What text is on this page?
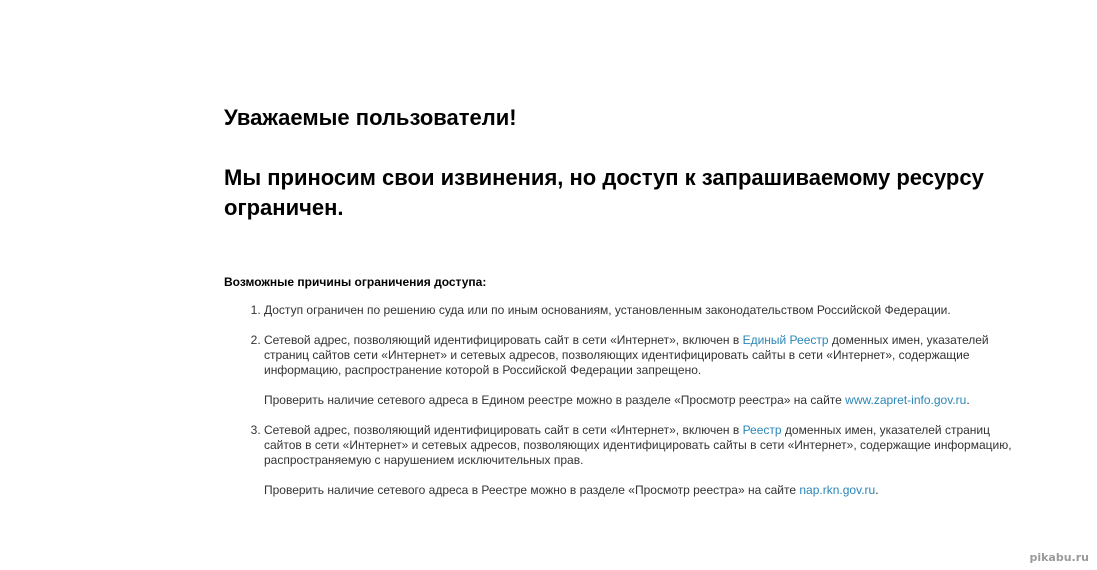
Уважаемые пользователи!
Мы приносим свои извинения, но доступ к запрашиваемому ресурсу ограничен.
Возможные причины ограничения доступа:

1. Доступ ограничен по решению суда или по иным основаниям, установленным законодательством Российской Федерации.

2. Сетевой адрес, позволяющий идентифицировать сайт в сети «Интернет», включен в Единый Реестр доменных имен, указателей страниц сайтов сети «Интернет» и сетевых адресов, позволяющих идентифицировать сайты в сети «Интернет», содержащие информацию, распространение которой в Российской Федерации запрещено.

Проверить наличие сетевого адреса в Едином реестре можно в разделе «Просмотр реестра» на сайте www.zapret-info.gov.ru.

3. Сетевой адрес, позволяющий идентифицировать сайт в сети «Интернет», включен в Реестр доменных имен, указателей страниц сайтов в сети «Интернет» и сетевых адресов, позволяющих идентифицировать сайты в сети «Интернет», содержащие информацию, распространяемую с нарушением исключительных прав.

Проверить наличие сетевого адреса в Реестре можно в разделе «Просмотр реестра» на сайте nap.rkn.gov.ru.

pikabu.ru
